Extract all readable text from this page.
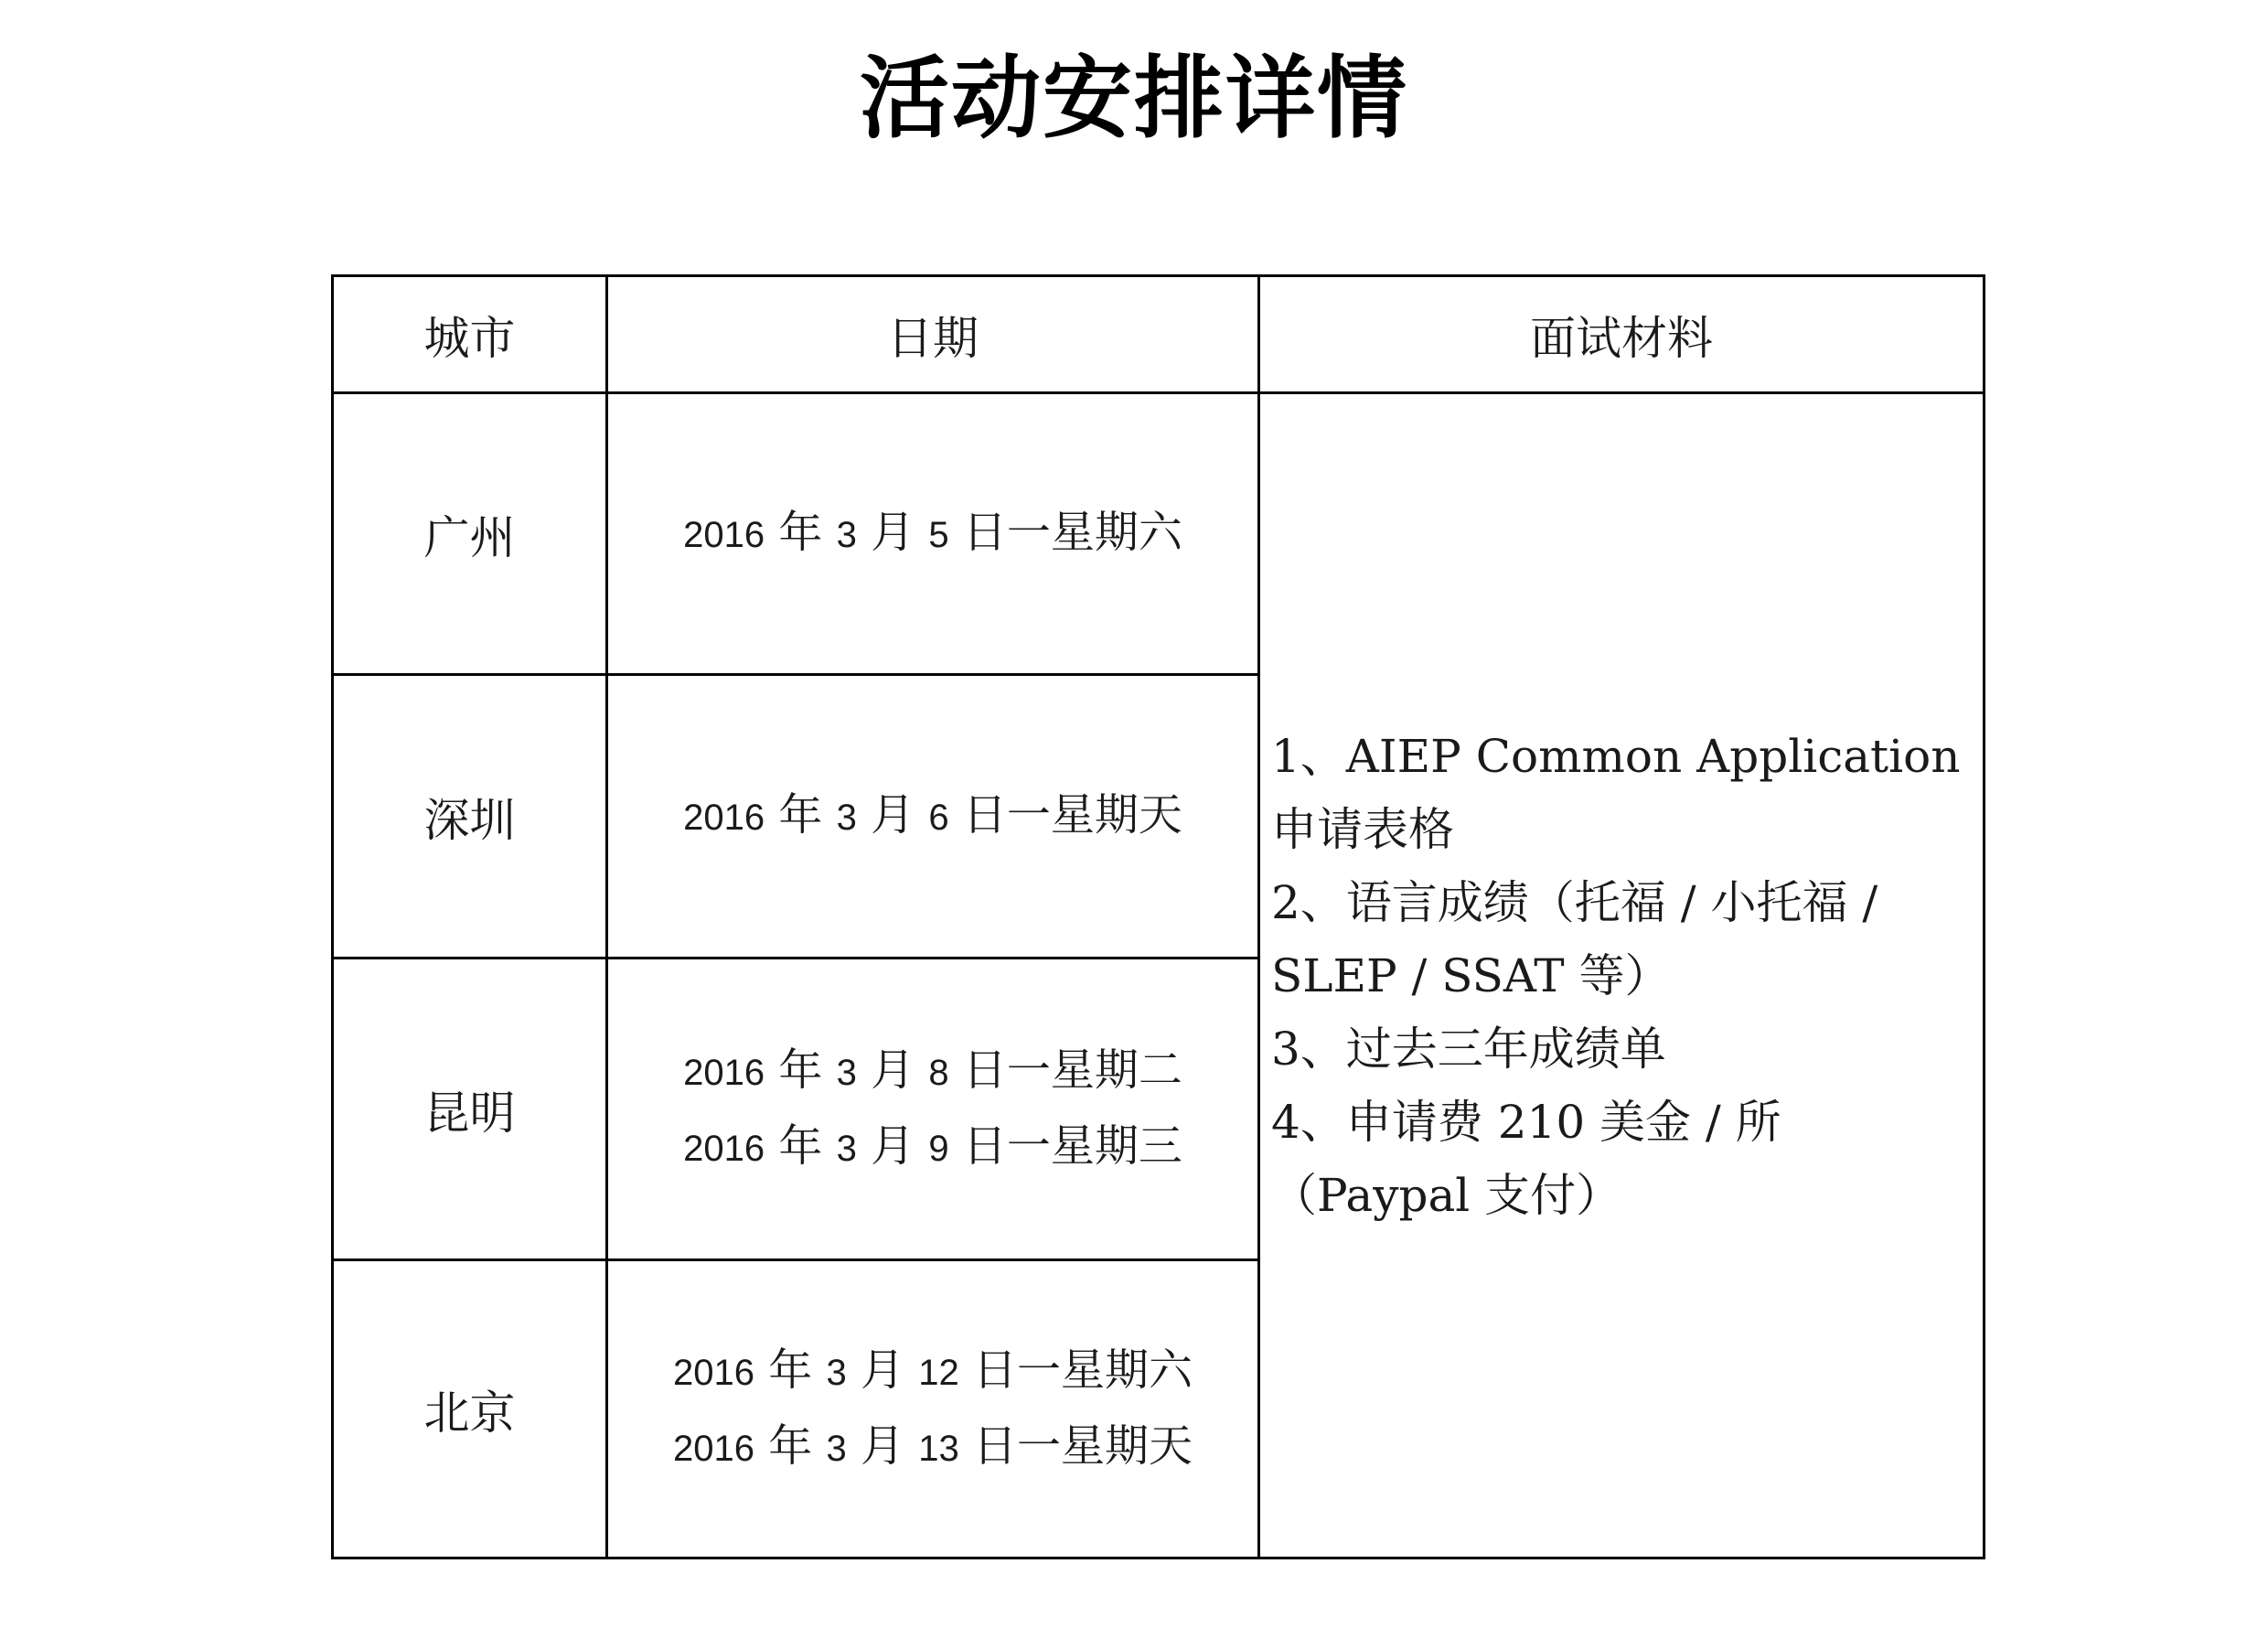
活动安排详情
城市	日期	面试材料
广州	2016 年 3 月 5 日一星期六	1、AIEP Common Application 申请表格
2、语言成绩（托福 / 小托福 / SLEP / SSAT 等）
3、过去三年成绩单
4、申请费 210 美金 / 所（Paypal 支付）

深圳	2016 年 3 月 6 日一星期天	

昆明	2016 年 3 月 8 日一星期二
2016 年 3 月 9 日一星期三	

北京	2016 年 3 月 12 日一星期六
2016 年 3 月 13 日一星期天	
